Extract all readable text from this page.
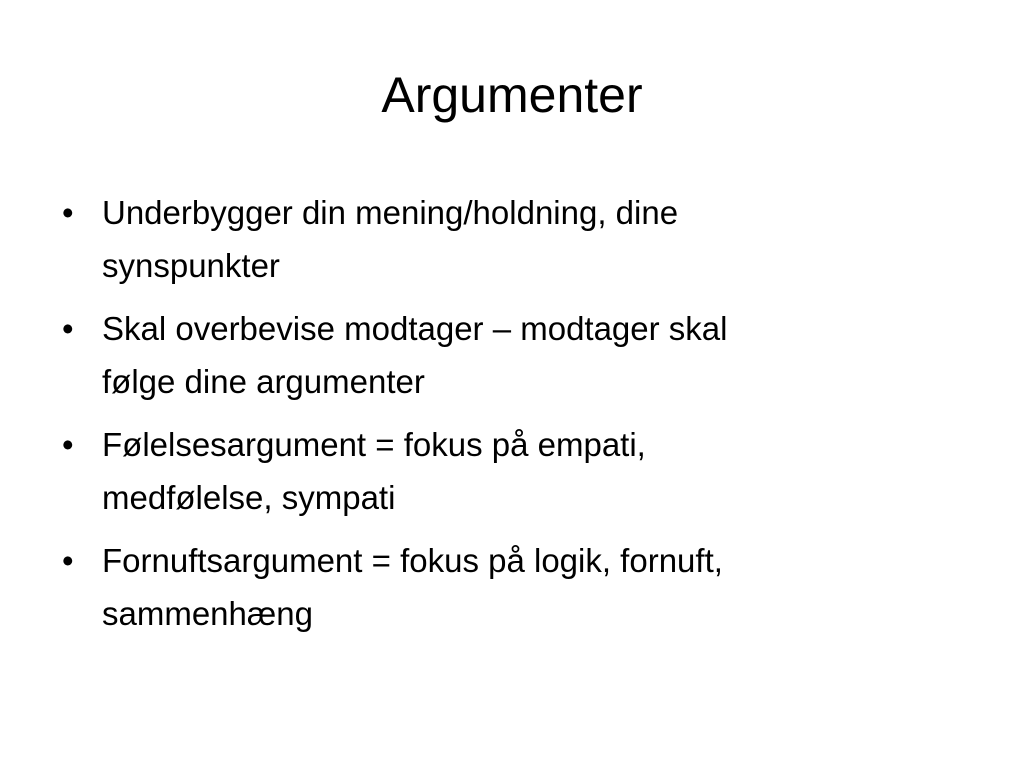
Argumenter
• Underbygger din mening/holdning, dine
synspunkter
• Skal overbevise modtager – modtager skal
følge dine argumenter
• Følelsesargument = fokus på empati,
medfølelse, sympati
• Fornuftsargument = fokus på logik, fornuft,
sammenhæng
